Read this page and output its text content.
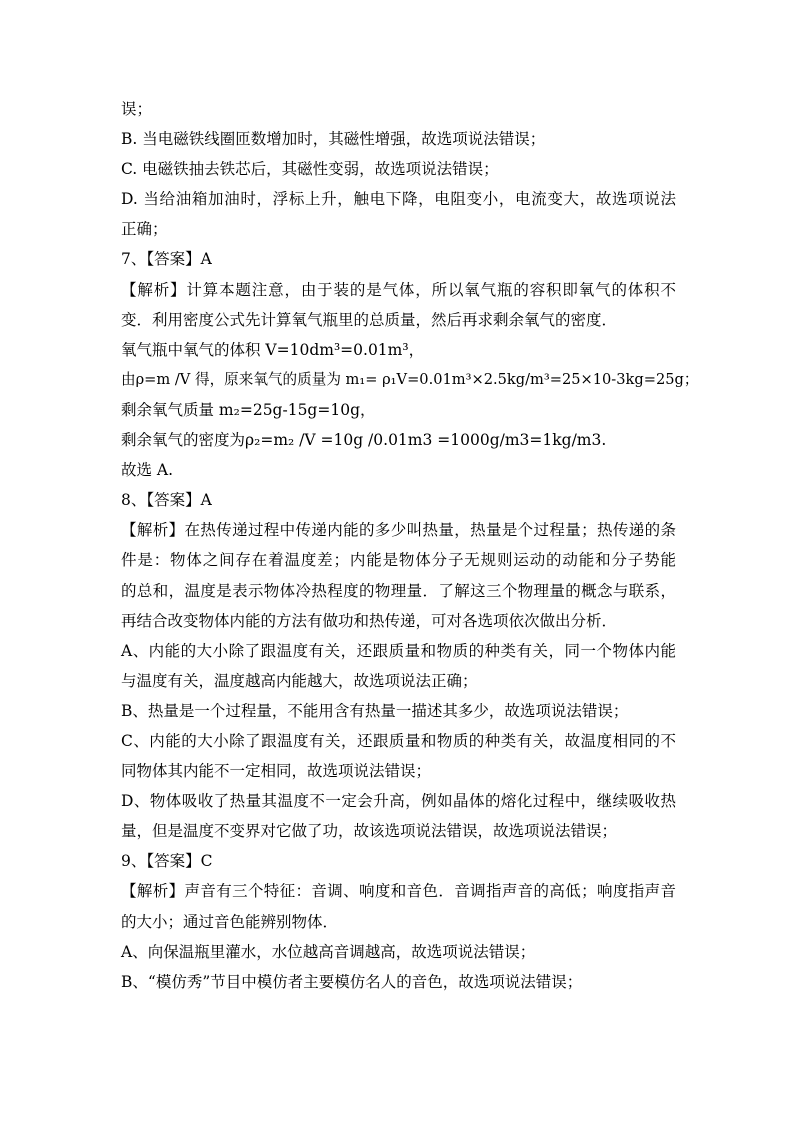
误；
B. 当电磁铁线圈匝数增加时，其磁性增强，故选项说法错误；
C. 电磁铁抽去铁芯后，其磁性变弱，故选项说法错误；
D. 当给油箱加油时，浮标上升，触电下降，电阻变小，电流变大，故选项说法
正确；
7、【答案】A
【解析】计算本题注意，由于装的是气体，所以氧气瓶的容积即氧气的体积不
变．利用密度公式先计算氧气瓶里的总质量，然后再求剩余氧气的密度．
氧气瓶中氧气的体积 V=10dm³=0.01m³，
由ρ=m /V 得，原来氧气的质量为 m₁= ρ₁V=0.01m³×2.5kg/m³=25×10-3kg=25g；
剩余氧气质量 m₂=25g-15g=10g，
剩余氧气的密度为ρ₂=m₂ /V =10g /0.01m3 =1000g/m3=1kg/m3.
故选 A.
8、【答案】A
【解析】在热传递过程中传递内能的多少叫热量，热量是个过程量；热传递的条
件是：物体之间存在着温度差；内能是物体分子无规则运动的动能和分子势能
的总和，温度是表示物体冷热程度的物理量．了解这三个物理量的概念与联系，
再结合改变物体内能的方法有做功和热传递，可对各选项依次做出分析．
A、内能的大小除了跟温度有关，还跟质量和物质的种类有关，同一个物体内能
与温度有关，温度越高内能越大，故选项说法正确；
B、热量是一个过程量，不能用含有热量一描述其多少，故选项说法错误；
C、内能的大小除了跟温度有关，还跟质量和物质的种类有关，故温度相同的不
同物体其内能不一定相同，故选项说法错误；
D、物体吸收了热量其温度不一定会升高，例如晶体的熔化过程中，继续吸收热
量，但是温度不变界对它做了功，故该选项说法错误，故选项说法错误；
9、【答案】C
【解析】声音有三个特征：音调、响度和音色．音调指声音的高低；响度指声音
的大小；通过音色能辨别物体．
A、向保温瓶里灌水，水位越高音调越高，故选项说法错误；
B、“模仿秀”节目中模仿者主要模仿名人的音色，故选项说法错误；
